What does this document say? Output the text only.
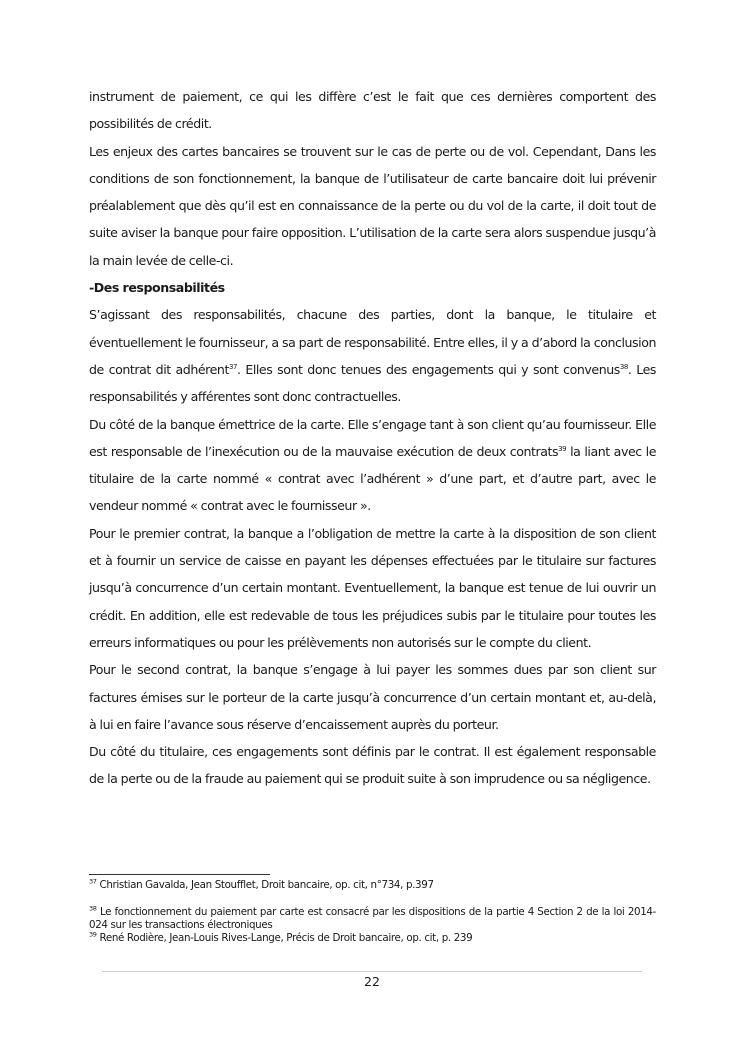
instrument de paiement, ce qui les diffère c’est le fait que ces dernières comportent des possibilités de crédit.

Les enjeux des cartes bancaires se trouvent sur le cas de perte ou de vol. Cependant, Dans les conditions de son fonctionnement, la banque de l’utilisateur de carte bancaire doit lui prévenir préalablement que dès qu’il est en connaissance de la perte ou du vol de la carte, il doit tout de suite aviser la banque pour faire opposition. L’utilisation de la carte sera alors suspendue jusqu’à la main levée de celle-ci.

-Des responsabilités

S’agissant des responsabilités, chacune des parties, dont la banque, le titulaire et éventuellement le fournisseur, a sa part de responsabilité. Entre elles, il y a d’abord la conclusion de contrat dit adhérent$^{37}$. Elles sont donc tenues des engagements qui y sont convenus$^{38}$. Les responsabilités y afférentes sont donc contractuelles.

Du côté de la banque émettrice de la carte. Elle s’engage tant à son client qu’au fournisseur. Elle est responsable de l’inexécution ou de la mauvaise exécution de deux contrats$^{39}$ la liant avec le titulaire de la carte nommé « contrat avec l’adhérent » d’une part, et d’autre part, avec le vendeur nommé « contrat avec le fournisseur ».

Pour le premier contrat, la banque a l’obligation de mettre la carte à la disposition de son client et à fournir un service de caisse en payant les dépenses effectuées par le titulaire sur factures jusqu’à concurrence d’un certain montant. Eventuellement, la banque est tenue de lui ouvrir un crédit. En addition, elle est redevable de tous les préjudices subis par le titulaire pour toutes les erreurs informatiques ou pour les prélèvements non autorisés sur le compte du client.

Pour le second contrat, la banque s’engage à lui payer les sommes dues par son client sur factures émises sur le porteur de la carte jusqu’à concurrence d’un certain montant et, au-delà, à lui en faire l’avance sous réserve d’encaissement auprès du porteur.

Du côté du titulaire, ces engagements sont définis par le contrat. Il est également responsable de la perte ou de la fraude au paiement qui se produit suite à son imprudence ou sa négligence.

$^{37}$ Christian Gavalda, Jean Stoufflet, Droit bancaire, op. cit, n°734, p.397

$^{38}$ Le fonctionnement du paiement par carte est consacré par les dispositions de la partie 4 Section 2 de la loi 2014-024 sur les transactions électroniques

$^{39}$ René Rodière, Jean-Louis Rives-Lange, Précis de Droit bancaire, op. cit, p. 239

22
